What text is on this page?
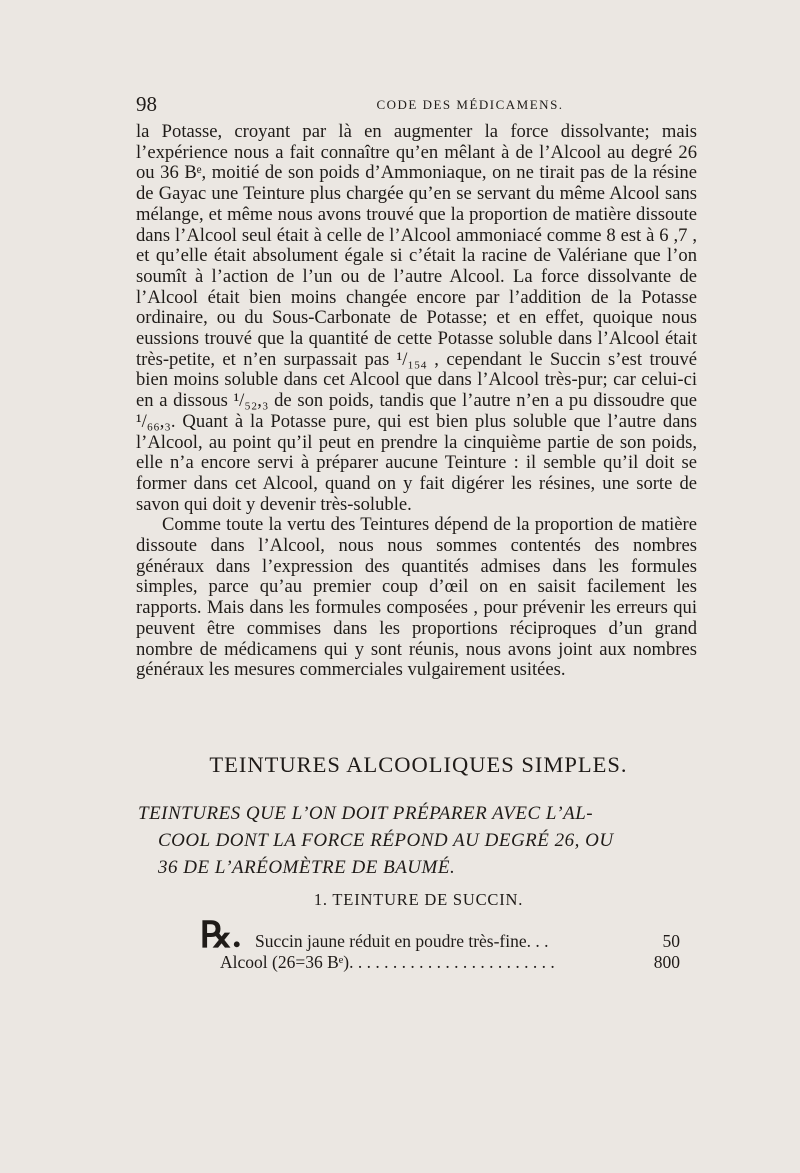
98	CODE DES MÉDICAMENS.

la Potasse, croyant par là en augmenter la force dissolvante; mais l’expérience nous a fait connaître qu’en mêlant à de l’Alcool au degré 26 ou 36 Bᵉ, moitié de son poids d’Ammoniaque, on ne tirait pas de la résine de Gayac une Teinture plus chargée qu’en se servant du même Alcool sans mélange, et même nous avons trouvé que la proportion de matière dissoute dans l’Alcool seul était à celle de l’Alcool ammoniacé comme 8 est à 6 ,7 , et qu’elle était absolument égale si c’était la racine de Valériane que l’on soumît à l’action de l’un ou de l’autre Alcool. La force dissolvante de l’Alcool était bien moins changée encore par l’addition de la Potasse ordinaire, ou du Sous-Carbonate de Potasse; et en effet, quoique nous eussions trouvé que la quantité de cette Potasse soluble dans l’Alcool était très-petite, et n’en surpassait pas ¹/₁₅₄ , cependant le Succin s’est trouvé bien moins soluble dans cet Alcool que dans l’Alcool très-pur; car celui-ci en a dissous ¹/₅₂,₃ de son poids, tandis que l’autre n’en a pu dissoudre que ¹/₆₆,₃. Quant à la Potasse pure, qui est bien plus soluble que l’autre dans l’Alcool, au point qu’il peut en prendre la cinquième partie de son poids, elle n’a encore servi à préparer aucune Teinture : il semble qu’il doit se former dans cet Alcool, quand on y fait digérer les résines, une sorte de savon qui doit y devenir très-soluble.

Comme toute la vertu des Teintures dépend de la proportion de matière dissoute dans l’Alcool, nous nous sommes contentés des nombres généraux dans l’expression des quantités admises dans les formules simples, parce qu’au premier coup d’œil on en saisit facilement les rapports. Mais dans les formules composées , pour prévenir les erreurs qui peuvent être commises dans les proportions réciproques d’un grand nombre de médicamens qui y sont réunis, nous avons joint aux nombres généraux les mesures commerciales vulgairement usitées.

TEINTURES ALCOOLIQUES SIMPLES.
TEINTURES QUE L’ON DOIT PRÉPARER AVEC L’AL-
COOL DONT LA FORCE RÉPOND AU DEGRÉ 26, OU
36 DE L’ARÉOMÈTRE DE BAUMÉ.
1. TEINTURE DE SUCCIN.
℞. Succin jaune réduit en poudre très-fine. . .	50
Alcool (26=36 Bᵉ). . . . . . . . . . . . . . . . . . . . . . . .	800
